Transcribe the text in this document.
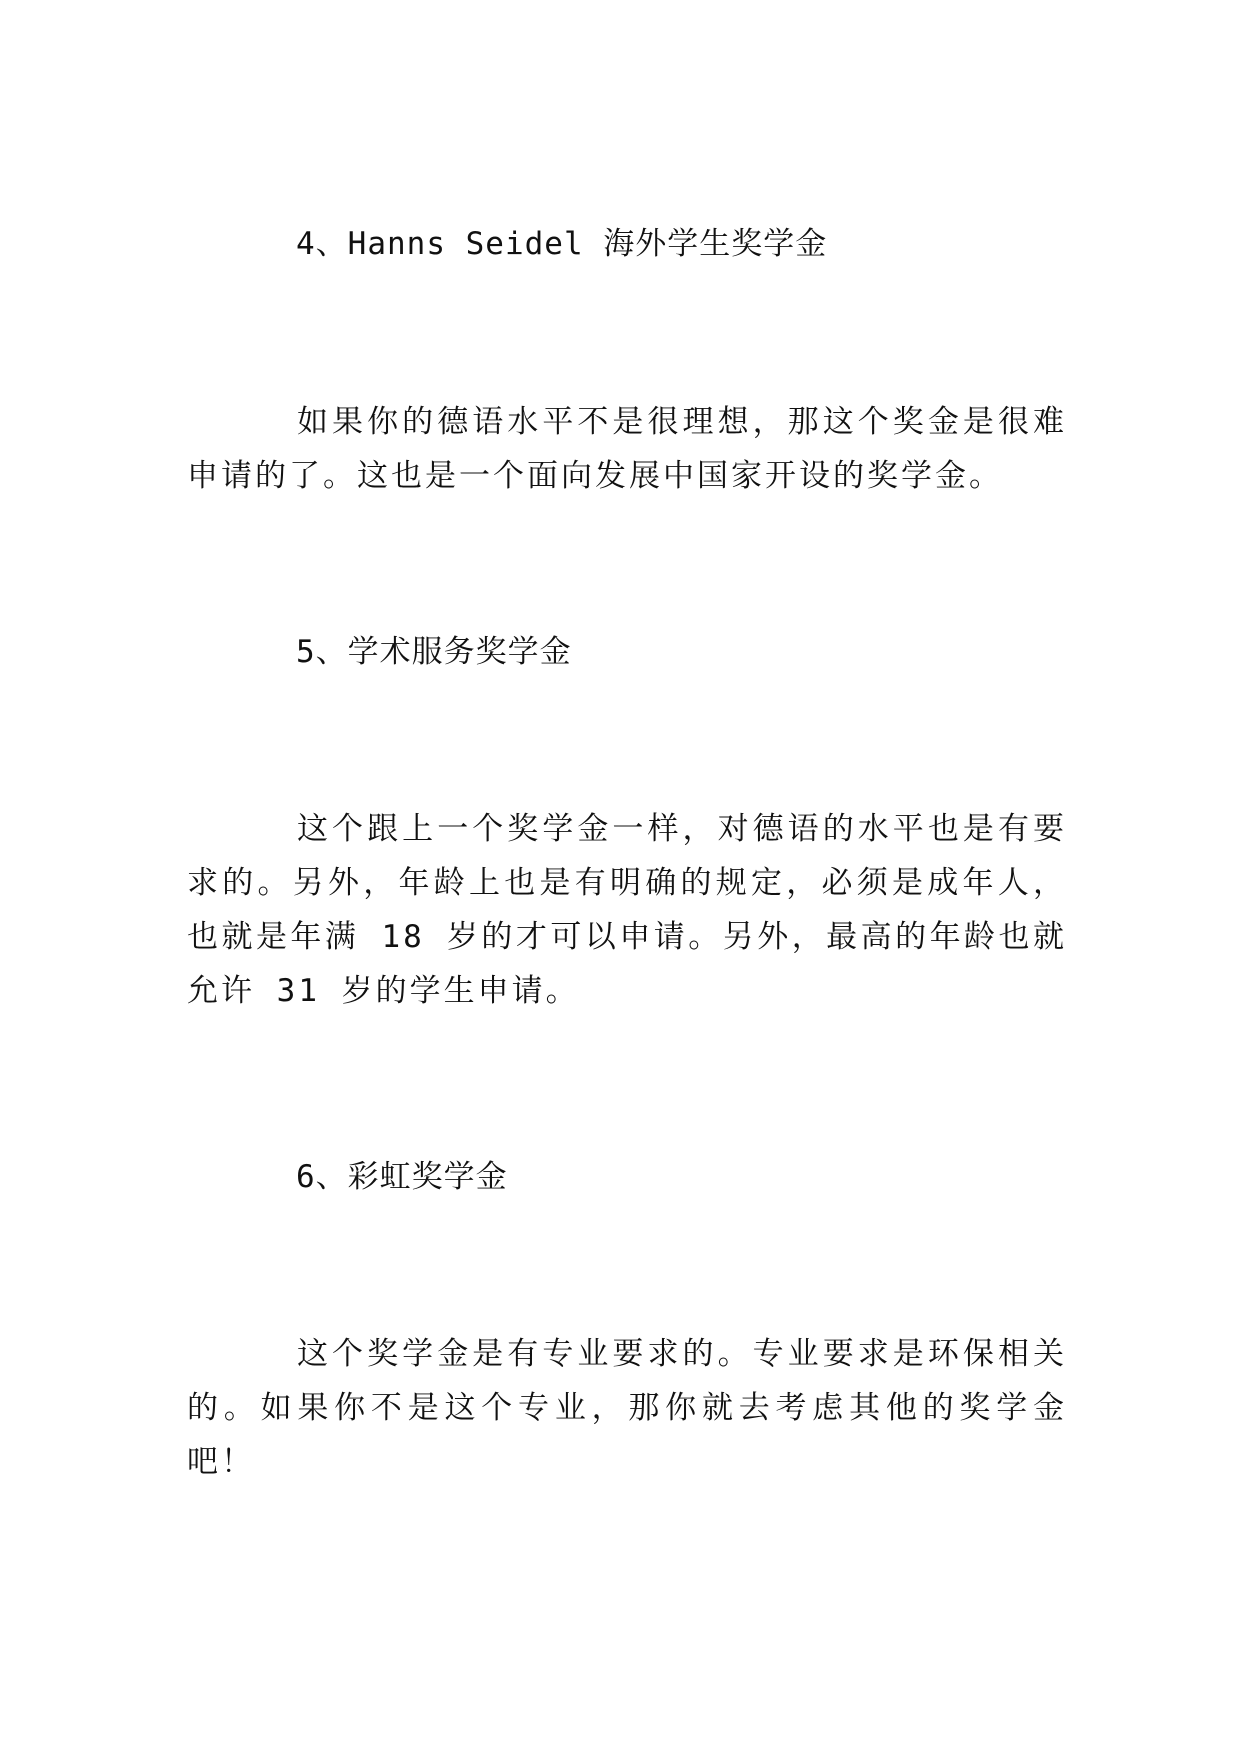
4、Hanns Seidel 海外学生奖学金
如果你的德语水平不是很理想，那这个奖金是很难申请的了。这也是一个面向发展中国家开设的奖学金。
5、学术服务奖学金
这个跟上一个奖学金一样，对德语的水平也是有要求的。另外，年龄上也是有明确的规定，必须是成年人，也就是年满 18 岁的才可以申请。另外，最高的年龄也就允许 31 岁的学生申请。
6、彩虹奖学金
这个奖学金是有专业要求的。专业要求是环保相关的。如果你不是这个专业，那你就去考虑其他的奖学金吧！
